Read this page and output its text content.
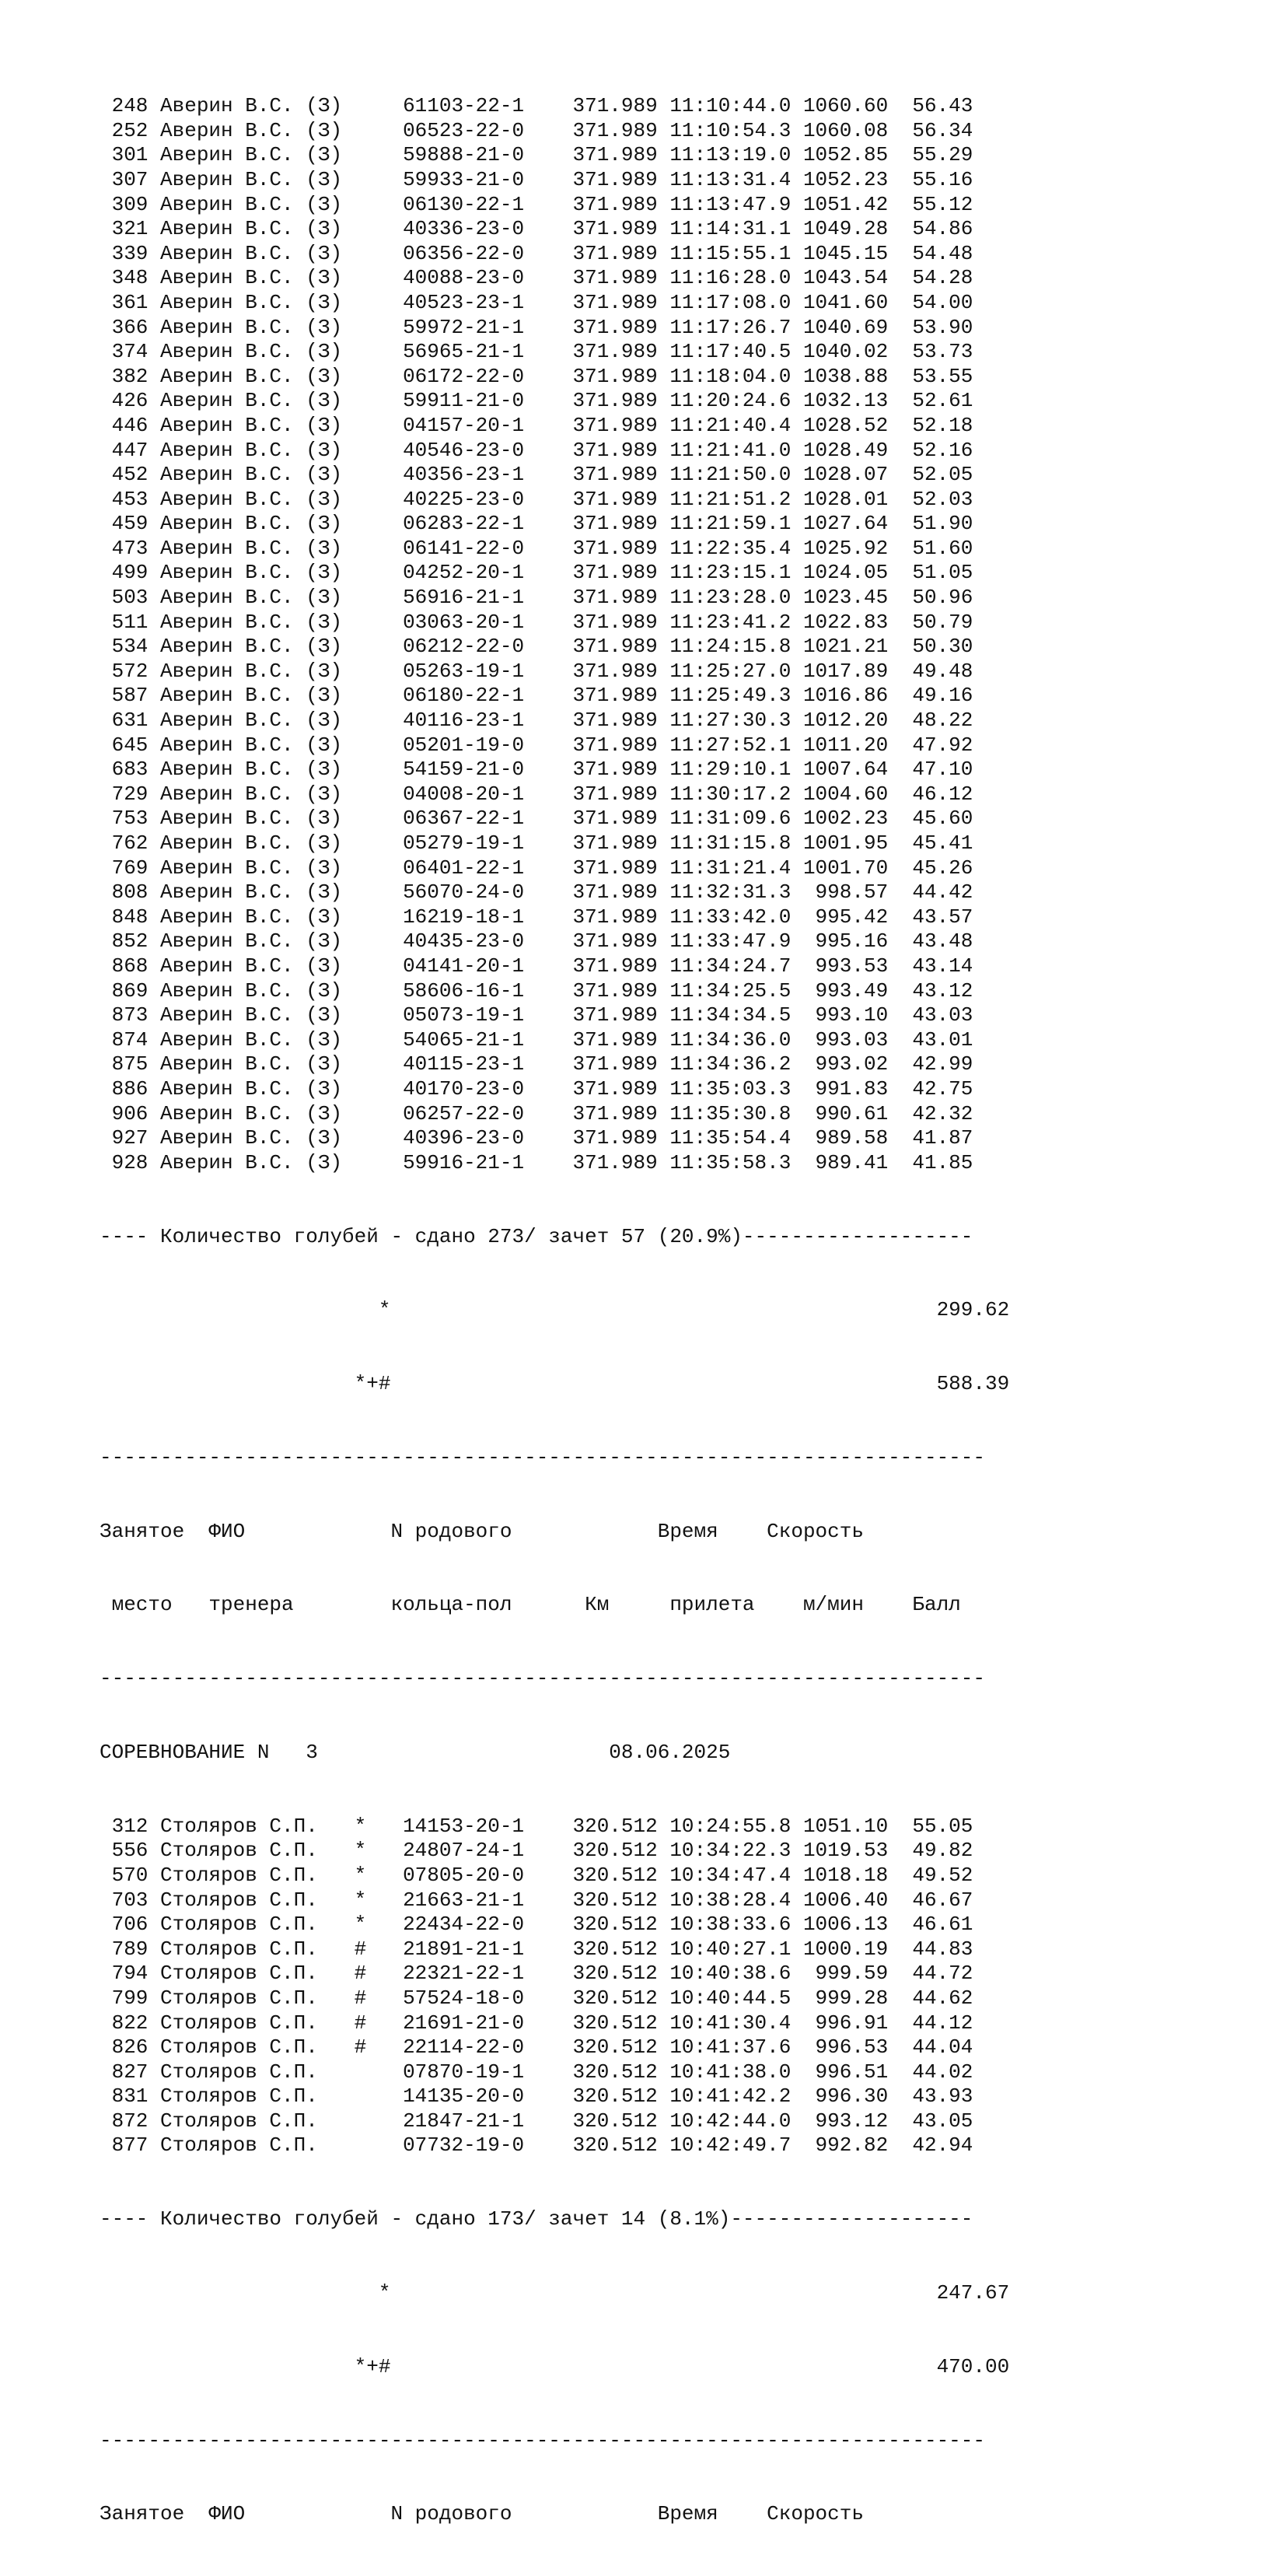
248 Аверин В.С. (З)     61103-22-1    371.989 11:10:44.0 1060.60  56.43
252 Аверин В.С. (З)     06523-22-0    371.989 11:10:54.3 1060.08  56.34
301 Аверин В.С. (З)     59888-21-0    371.989 11:13:19.0 1052.85  55.29
307 Аверин В.С. (З)     59933-21-0    371.989 11:13:31.4 1052.23  55.16
309 Аверин В.С. (З)     06130-22-1    371.989 11:13:47.9 1051.42  55.12
321 Аверин В.С. (З)     40336-23-0    371.989 11:14:31.1 1049.28  54.86
339 Аверин В.С. (З)     06356-22-0    371.989 11:15:55.1 1045.15  54.48
348 Аверин В.С. (З)     40088-23-0    371.989 11:16:28.0 1043.54  54.28
361 Аверин В.С. (З)     40523-23-1    371.989 11:17:08.0 1041.60  54.00
366 Аверин В.С. (З)     59972-21-1    371.989 11:17:26.7 1040.69  53.90
374 Аверин В.С. (З)     56965-21-1    371.989 11:17:40.5 1040.02  53.73
382 Аверин В.С. (З)     06172-22-0    371.989 11:18:04.0 1038.88  53.55
426 Аверин В.С. (З)     59911-21-0    371.989 11:20:24.6 1032.13  52.61
446 Аверин В.С. (З)     04157-20-1    371.989 11:21:40.4 1028.52  52.18
447 Аверин В.С. (З)     40546-23-0    371.989 11:21:41.0 1028.49  52.16
452 Аверин В.С. (З)     40356-23-1    371.989 11:21:50.0 1028.07  52.05
453 Аверин В.С. (З)     40225-23-0    371.989 11:21:51.2 1028.01  52.03
459 Аверин В.С. (З)     06283-22-1    371.989 11:21:59.1 1027.64  51.90
473 Аверин В.С. (З)     06141-22-0    371.989 11:22:35.4 1025.92  51.60
499 Аверин В.С. (З)     04252-20-1    371.989 11:23:15.1 1024.05  51.05
503 Аверин В.С. (З)     56916-21-1    371.989 11:23:28.0 1023.45  50.96
511 Аверин В.С. (З)     03063-20-1    371.989 11:23:41.2 1022.83  50.79
534 Аверин В.С. (З)     06212-22-0    371.989 11:24:15.8 1021.21  50.30
572 Аверин В.С. (З)     05263-19-1    371.989 11:25:27.0 1017.89  49.48
587 Аверин В.С. (З)     06180-22-1    371.989 11:25:49.3 1016.86  49.16
631 Аверин В.С. (З)     40116-23-1    371.989 11:27:30.3 1012.20  48.22
645 Аверин В.С. (З)     05201-19-0    371.989 11:27:52.1 1011.20  47.92
683 Аверин В.С. (З)     54159-21-0    371.989 11:29:10.1 1007.64  47.10
729 Аверин В.С. (З)     04008-20-1    371.989 11:30:17.2 1004.60  46.12
753 Аверин В.С. (З)     06367-22-1    371.989 11:31:09.6 1002.23  45.60
762 Аверин В.С. (З)     05279-19-1    371.989 11:31:15.8 1001.95  45.41
769 Аверин В.С. (З)     06401-22-1    371.989 11:31:21.4 1001.70  45.26
808 Аверин В.С. (З)     56070-24-0    371.989 11:32:31.3  998.57  44.42
848 Аверин В.С. (З)     16219-18-1    371.989 11:33:42.0  995.42  43.57
852 Аверин В.С. (З)     40435-23-0    371.989 11:33:47.9  995.16  43.48
868 Аверин В.С. (З)     04141-20-1    371.989 11:34:24.7  993.53  43.14
869 Аверин В.С. (З)     58606-16-1    371.989 11:34:25.5  993.49  43.12
873 Аверин В.С. (З)     05073-19-1    371.989 11:34:34.5  993.10  43.03
874 Аверин В.С. (З)     54065-21-1    371.989 11:34:36.0  993.03  43.01
875 Аверин В.С. (З)     40115-23-1    371.989 11:34:36.2  993.02  42.99
886 Аверин В.С. (З)     40170-23-0    371.989 11:35:03.3  991.83  42.75
906 Аверин В.С. (З)     06257-22-0    371.989 11:35:30.8  990.61  42.32
927 Аверин В.С. (З)     40396-23-0    371.989 11:35:54.4  989.58  41.87
928 Аверин В.С. (З)     59916-21-1    371.989 11:35:58.3  989.41  41.85

---- Количество голубей - сдано 273/ зачет 57 (20.9%)-------------------

*                                             299.62

*+#                                             588.39

-------------------------------------------------------------------------

Занятое  ФИО            N родового            Время    Скорость

место   тренера        кольца-пол      Км     прилета    м/мин    Балл

-------------------------------------------------------------------------

СОРЕВНОВАНИЕ N   3                        08.06.2025

312 Столяров С.П.   *   14153-20-1    320.512 10:24:55.8 1051.10  55.05
556 Столяров С.П.   *   24807-24-1    320.512 10:34:22.3 1019.53  49.82
570 Столяров С.П.   *   07805-20-0    320.512 10:34:47.4 1018.18  49.52
703 Столяров С.П.   *   21663-21-1    320.512 10:38:28.4 1006.40  46.67
706 Столяров С.П.   *   22434-22-0    320.512 10:38:33.6 1006.13  46.61
789 Столяров С.П.   #   21891-21-1    320.512 10:40:27.1 1000.19  44.83
794 Столяров С.П.   #   22321-22-1    320.512 10:40:38.6  999.59  44.72
799 Столяров С.П.   #   57524-18-0    320.512 10:40:44.5  999.28  44.62
822 Столяров С.П.   #   21691-21-0    320.512 10:41:30.4  996.91  44.12
826 Столяров С.П.   #   22114-22-0    320.512 10:41:37.6  996.53  44.04
827 Столяров С.П.       07870-19-1    320.512 10:41:38.0  996.51  44.02
831 Столяров С.П.       14135-20-0    320.512 10:41:42.2  996.30  43.93
872 Столяров С.П.       21847-21-1    320.512 10:42:44.0  993.12  43.05
877 Столяров С.П.       07732-19-0    320.512 10:42:49.7  992.82  42.94

---- Количество голубей - сдано 173/ зачет 14 (8.1%)--------------------

*                                             247.67

*+#                                             470.00

-------------------------------------------------------------------------

Занятое  ФИО            N родового            Время    Скорость
